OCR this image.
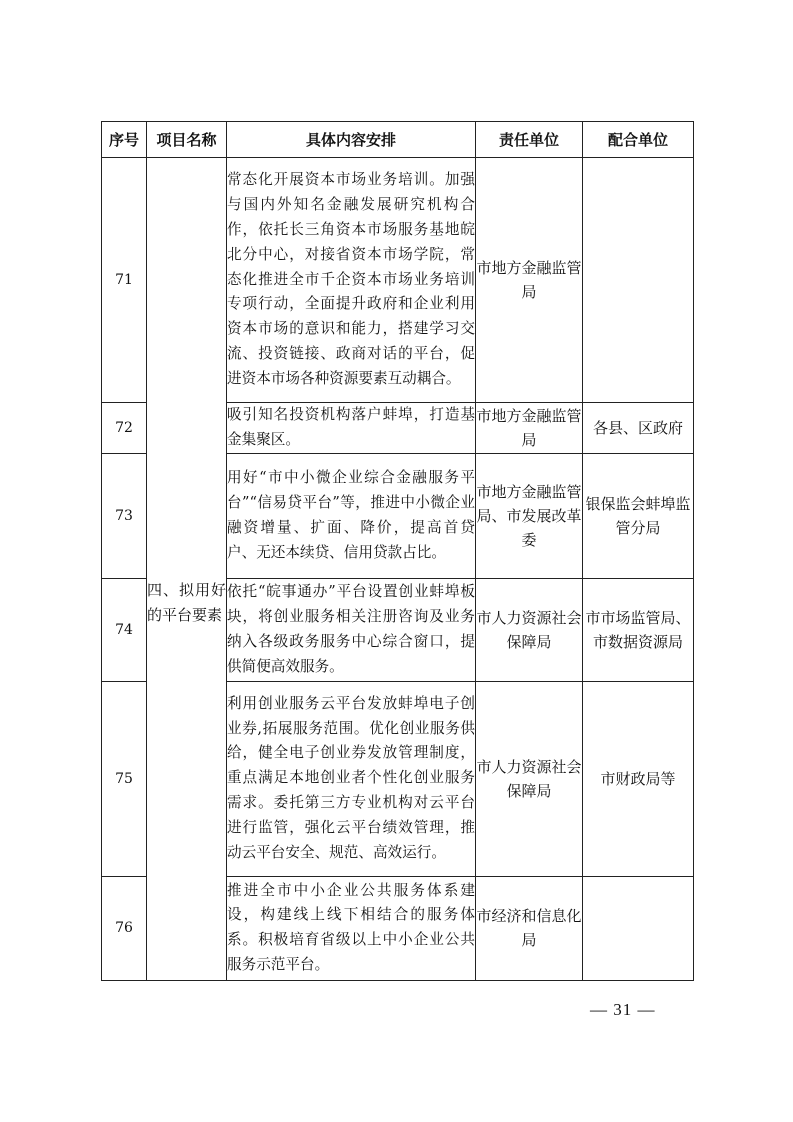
序号	项目名称	具体内容安排	责任单位	配合单位
71	四、拟用好的平台要素	常态化开展资本市场业务培训。加强与国内外知名金融发展研究机构合作，依托长三角资本市场服务基地皖北分中心，对接省资本市场学院，常态化推进全市千企资本市场业务培训专项行动，全面提升政府和企业利用资本市场的意识和能力，搭建学习交流、投资链接、政商对话的平台，促进资本市场各种资源要素互动耦合。	市地方金融监管局	
72		吸引知名投资机构落户蚌埠，打造基金集聚区。	市地方金融监管局	各县、区政府
73		用好“市中小微企业综合金融服务平台”“信易贷平台”等，推进中小微企业融资增量、扩面、降价，提高首贷户、无还本续贷、信用贷款占比。	市地方金融监管局、市发展改革委	银保监会蚌埠监管分局
74		依托“皖事通办”平台设置创业蚌埠板块，将创业服务相关注册咨询及业务纳入各级政务服务中心综合窗口，提供简便高效服务。	市人力资源社会保障局	市市场监管局、市数据资源局
75		利用创业服务云平台发放蚌埠电子创业券,拓展服务范围。优化创业服务供给，健全电子创业券发放管理制度，重点满足本地创业者个性化创业服务需求。委托第三方专业机构对云平台进行监管，强化云平台绩效管理，推动云平台安全、规范、高效运行。	市人力资源社会保障局	市财政局等
76		推进全市中小企业公共服务体系建设，构建线上线下相结合的服务体系。积极培育省级以上中小企业公共服务示范平台。	市经济和信息化局	
— 31 —
